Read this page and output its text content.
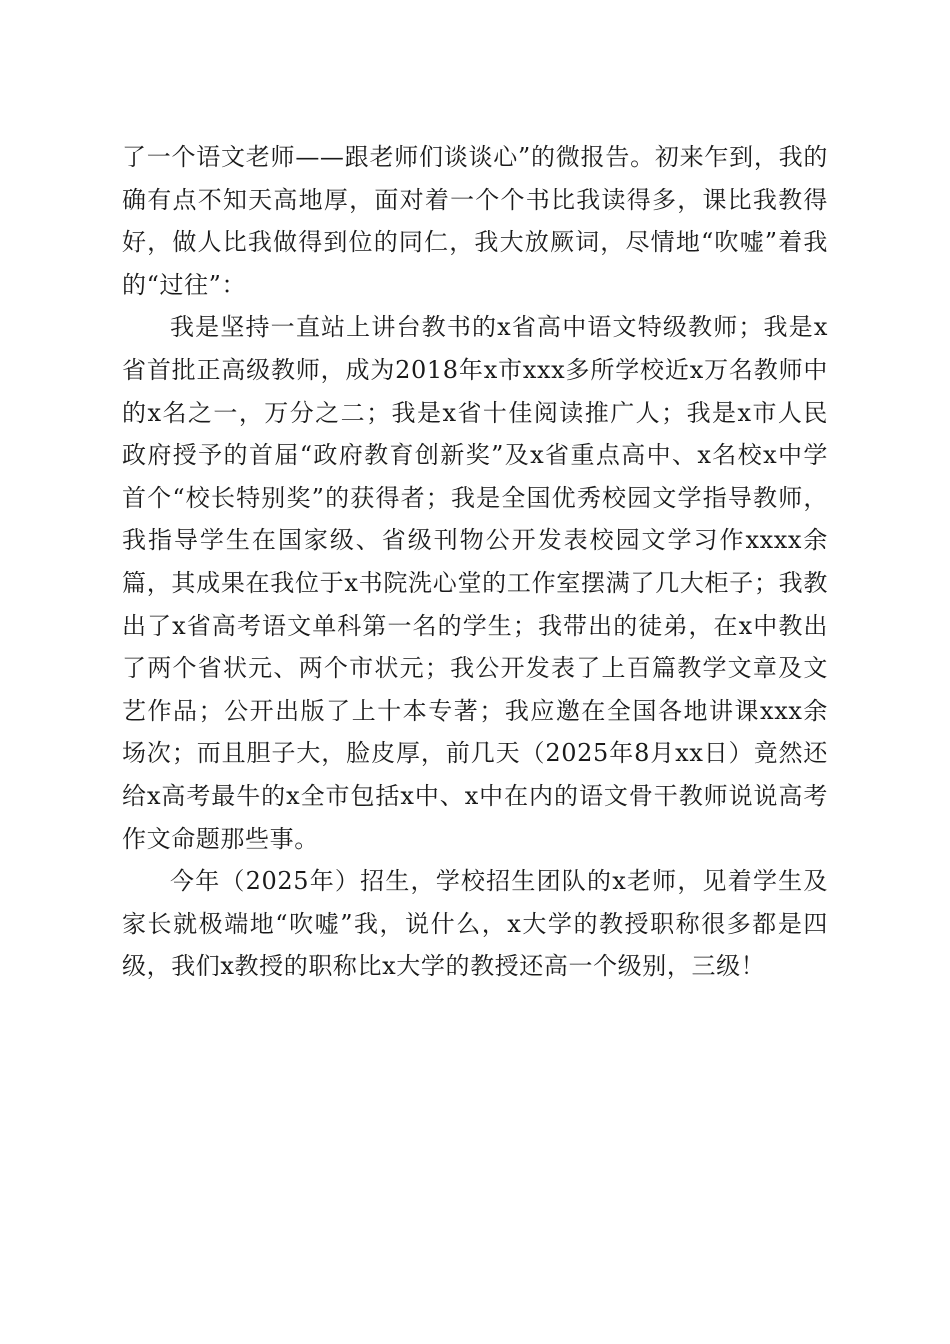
了一个语文老师——跟老师们谈谈心”的微报告。初来乍到，我的确有点不知天高地厚，面对着一个个书比我读得多，课比我教得好，做人比我做得到位的同仁，我大放厥词，尽情地“吹嘘”着我的“过往”：

我是坚持一直站上讲台教书的x省高中语文特级教师；我是x省首批正高级教师，成为2018年x市xxx多所学校近x万名教师中的x名之一，万分之二；我是x省十佳阅读推广人；我是x市人民政府授予的首届“政府教育创新奖”及x省重点高中、x名校x中学首个“校长特别奖”的获得者；我是全国优秀校园文学指导教师，我指导学生在国家级、省级刊物公开发表校园文学习作xxxx余篇，其成果在我位于x书院洗心堂的工作室摆满了几大柜子；我教出了x省高考语文单科第一名的学生；我带出的徒弟，在x中教出了两个省状元、两个市状元；我公开发表了上百篇教学文章及文艺作品；公开出版了上十本专著；我应邀在全国各地讲课xxx余场次；而且胆子大，脸皮厚，前几天（2025年8月xx日）竟然还给x高考最牛的x全市包括x中、x中在内的语文骨干教师说说高考作文命题那些事。

今年（2025年）招生，学校招生团队的x老师，见着学生及家长就极端地“吹嘘”我，说什么，x大学的教授职称很多都是四级，我们x教授的职称比x大学的教授还高一个级别，三级！
